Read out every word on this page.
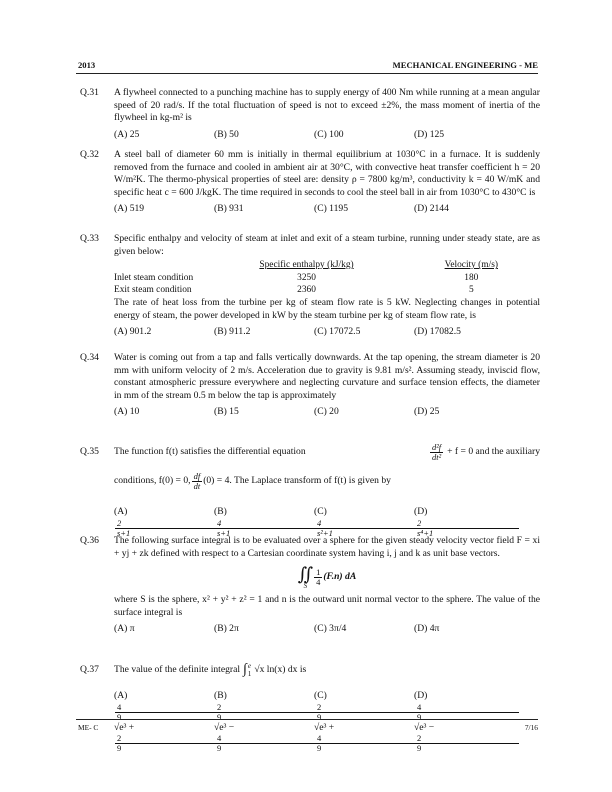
2013	MECHANICAL ENGINEERING - ME
Q.31	A flywheel connected to a punching machine has to supply energy of 400 Nm while running at a mean angular speed of 20 rad/s. If the total fluctuation of speed is not to exceed ±2%, the mass moment of inertia of the flywheel in kg-m² is
(A) 25	(B) 50	(C) 100	(D) 125
Q.32	A steel ball of diameter 60 mm is initially in thermal equilibrium at 1030°C in a furnace. It is suddenly removed from the furnace and cooled in ambient air at 30°C, with convective heat transfer coefficient h = 20 W/m²K. The thermo-physical properties of steel are: density ρ = 7800 kg/m³, conductivity k = 40 W/mK and specific heat c = 600 J/kgK. The time required in seconds to cool the steel ball in air from 1030°C to 430°C is
(A) 519	(B) 931	(C) 1195	(D) 2144
Q.33	Specific enthalpy and velocity of steam at inlet and exit of a steam turbine, running under steady state, are as given below:
	Specific enthalpy (kJ/kg)	Velocity (m/s)
Inlet steam condition	3250	180
Exit steam condition	2360	5
The rate of heat loss from the turbine per kg of steam flow rate is 5 kW. Neglecting changes in potential energy of steam, the power developed in kW by the steam turbine per kg of steam flow rate, is
(A) 901.2	(B) 911.2	(C) 17072.5	(D) 17082.5
Q.34	Water is coming out from a tap and falls vertically downwards. At the tap opening, the stream diameter is 20 mm with uniform velocity of 2 m/s. Acceleration due to gravity is 9.81 m/s². Assuming steady, inviscid flow, constant atmospheric pressure everywhere and neglecting curvature and surface tension effects, the diameter in mm of the stream 0.5 m below the tap is approximately
(A) 10	(B) 15	(C) 20	(D) 25
Q.35	The function f(t) satisfies the differential equation	$\frac{\text{d²f}}{\text{dt²}} + f = 0$ and the auxiliary
conditions, f(0) = 0, $\frac{df}{dt} (0) = 4$. The Laplace transform of f(t) is given by
$(A) \frac{2}{s+1}$
$(B) \frac{4}{s+1}$
$(C) \frac{4}{\text{s²+1}}$
$(D) \frac{2}{\text{s⁴+1}}$
Q.36	The following surface integral is to be evaluated over a sphere for the given steady velocity vector field F = xi + yj + zk defined with respect to a Cartesian coordinate system having i, j and k as unit base vectors.
∬
S $\frac{1}{4} (F.n)$ dA
where S is the sphere, x² + y² + z² = 1 and n is the outward unit normal vector to the sphere. The value of the surface integral is
(A) π	(B) 2π	(C) 3π/4	(D) 4π
Q.37	The value of the definite integral ∫ e
1 √x ln(x) dx is
$(A) \frac{4}{9}√e^3 +\frac{2}{9}$
$(B) \frac{2}{9}√e^3 -\frac{4}{9}$
$(C) \frac{2}{9}√e^3 +\frac{4}{9}$
$(D) \frac{4}{9}√e^3 -\frac{2}{9}$
ME- C	7/16
